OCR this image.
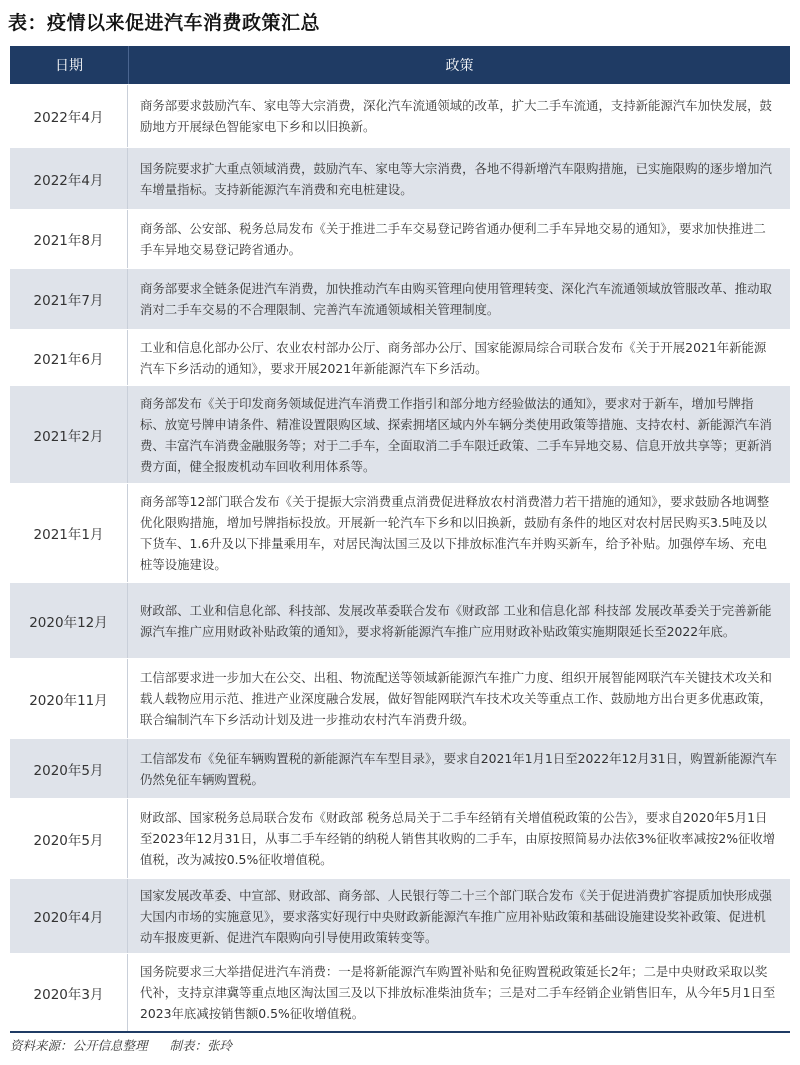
表：疫情以来促进汽车消费政策汇总
日期	政策
2022年4月
商务部要求鼓励汽车、家电等大宗消费，深化汽车流通领域的改革，扩大二手车流通，支持新能源汽车加快发展，鼓励地方开展绿色智能家电下乡和以旧换新。
2022年4月
国务院要求扩大重点领域消费，鼓励汽车、家电等大宗消费，各地不得新增汽车限购措施，已实施限购的逐步增加汽车增量指标。支持新能源汽车消费和充电桩建设。
2021年8月
商务部、公安部、税务总局发布《关于推进二手车交易登记跨省通办便利二手车异地交易的通知》，要求加快推进二手车异地交易登记跨省通办。
2021年7月
商务部要求全链条促进汽车消费，加快推动汽车由购买管理向使用管理转变、深化汽车流通领域放管服改革、推动取消对二手车交易的不合理限制、完善汽车流通领域相关管理制度。
2021年6月
工业和信息化部办公厅、农业农村部办公厅、商务部办公厅、国家能源局综合司联合发布《关于开展2021年新能源汽车下乡活动的通知》，要求开展2021年新能源汽车下乡活动。
2021年2月
商务部发布《关于印发商务领域促进汽车消费工作指引和部分地方经验做法的通知》，要求对于新车，增加号牌指标、放宽号牌申请条件、精准设置限购区域、探索拥堵区域内外车辆分类使用政策等措施、支持农村、新能源汽车消费、丰富汽车消费金融服务等；对于二手车，全面取消二手车限迁政策、二手车异地交易、信息开放共享等；更新消费方面，健全报废机动车回收利用体系等。
2021年1月
商务部等12部门联合发布《关于提振大宗消费重点消费促进释放农村消费潜力若干措施的通知》，要求鼓励各地调整优化限购措施，增加号牌指标投放。开展新一轮汽车下乡和以旧换新，鼓励有条件的地区对农村居民购买3.5吨及以下货车、1.6升及以下排量乘用车，对居民淘汰国三及以下排放标准汽车并购买新车，给予补贴。加强停车场、充电桩等设施建设。
2020年12月
财政部、工业和信息化部、科技部、发展改革委联合发布《财政部 工业和信息化部 科技部 发展改革委关于完善新能源汽车推广应用财政补贴政策的通知》，要求将新能源汽车推广应用财政补贴政策实施期限延长至2022年底。
2020年11月
工信部要求进一步加大在公交、出租、物流配送等领域新能源汽车推广力度、组织开展智能网联汽车关键技术攻关和载人载物应用示范、推进产业深度融合发展，做好智能网联汽车技术攻关等重点工作、鼓励地方出台更多优惠政策，联合编制汽车下乡活动计划及进一步推动农村汽车消费升级。
2020年5月
工信部发布《免征车辆购置税的新能源汽车车型目录》，要求自2021年1月1日至2022年12月31日，购置新能源汽车仍然免征车辆购置税。
2020年5月
财政部、国家税务总局联合发布《财政部 税务总局关于二手车经销有关增值税政策的公告》，要求自2020年5月1日至2023年12月31日，从事二手车经销的纳税人销售其收购的二手车，由原按照简易办法依3%征收率减按2%征收增值税，改为减按0.5%征收增值税。
2020年4月
国家发展改革委、中宣部、财政部、商务部、人民银行等二十三个部门联合发布《关于促进消费扩容提质加快形成强大国内市场的实施意见》，要求落实好现行中央财政新能源汽车推广应用补贴政策和基础设施建设奖补政策、促进机动车报废更新、促进汽车限购向引导使用政策转变等。
2020年3月
国务院要求三大举措促进汽车消费：一是将新能源汽车购置补贴和免征购置税政策延长2年；二是中央财政采取以奖代补，支持京津冀等重点地区淘汰国三及以下排放标准柴油货车；三是对二手车经销企业销售旧车，从今年5月1日至2023年底减按销售额0.5%征收增值税。
资料来源：公开信息整理 制表：张玲
